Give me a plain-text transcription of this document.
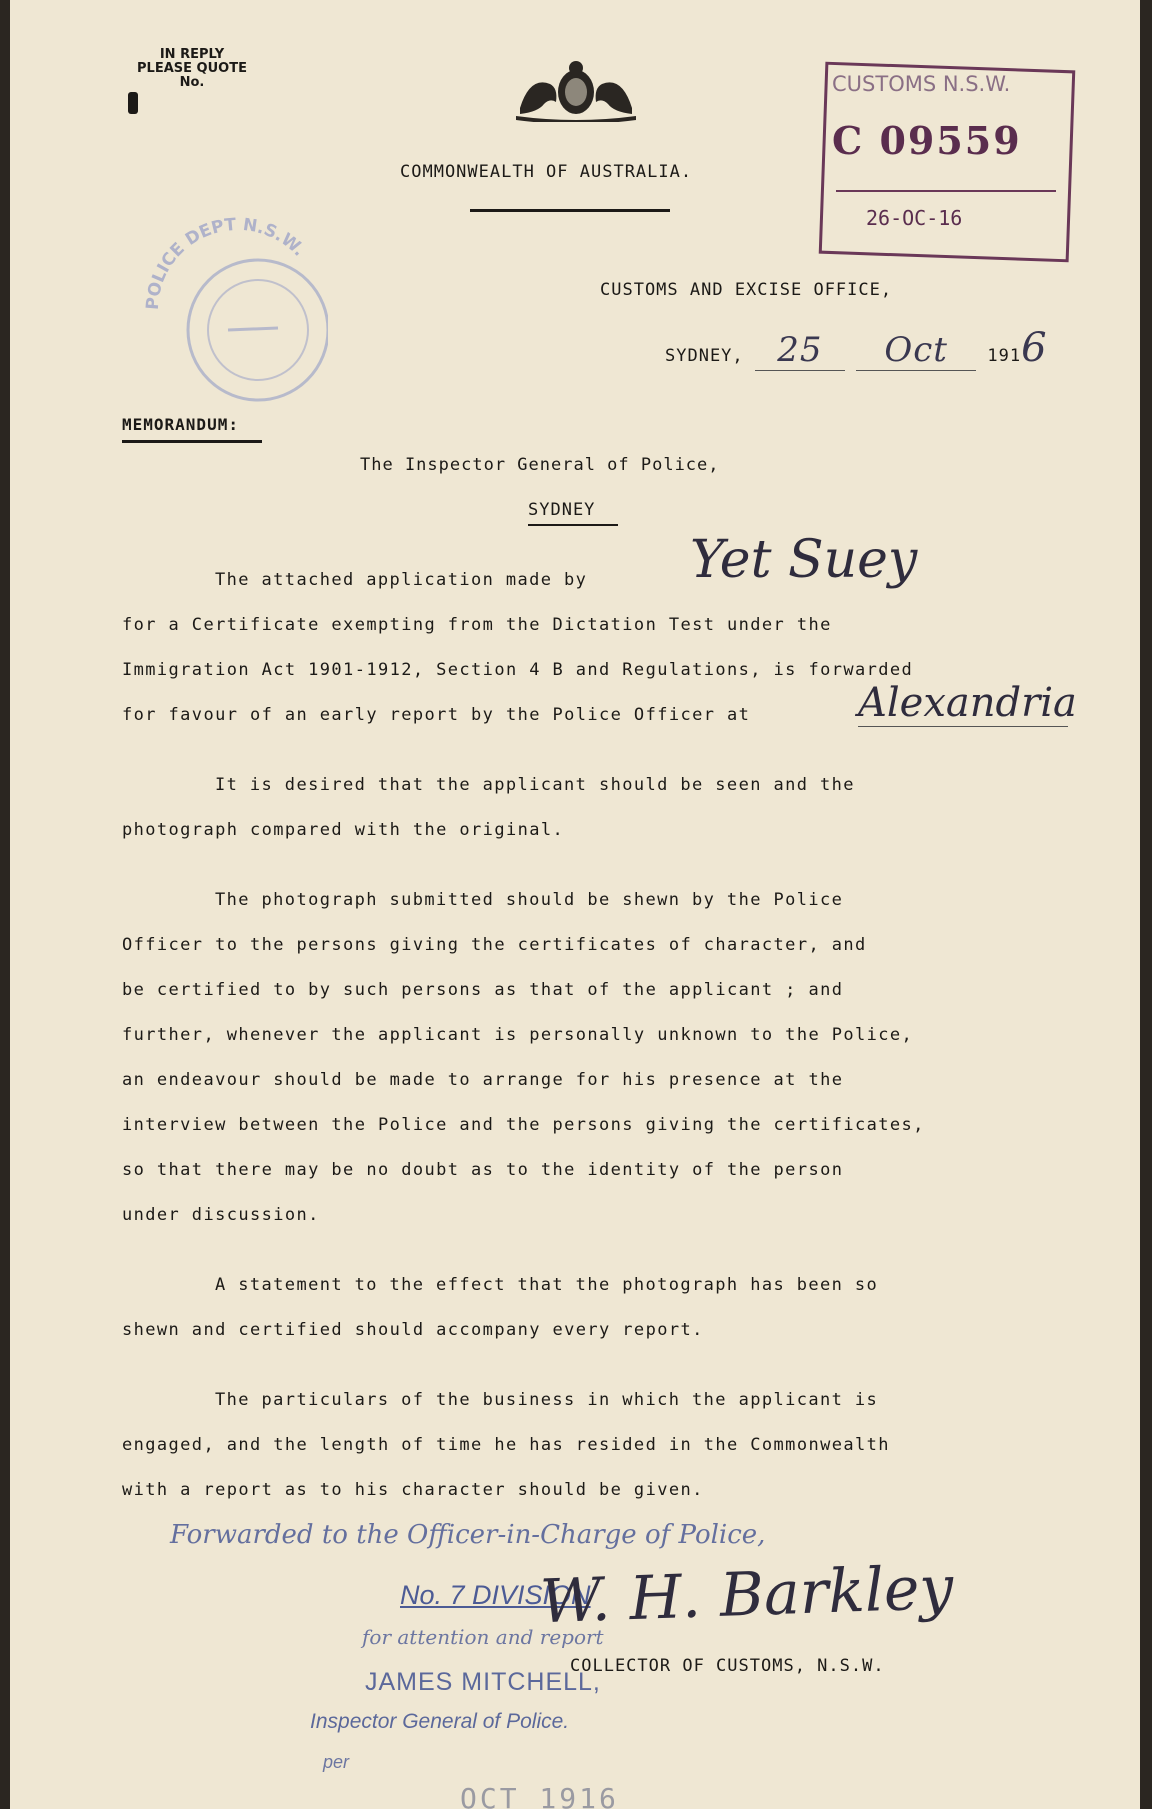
IN REPLY
PLEASE QUOTE
No.
COMMONWEALTH OF AUSTRALIA.
CUSTOMS N.S.W.
C 09559
26-OC-16
POLICE DEPT N.S.W.
CUSTOMS AND EXCISE OFFICE,
SYDNEY, 25 Oct 1916
MEMORANDUM:
The Inspector General of Police,
SYDNEY
The attached application made by Yet Suey
for a Certificate exempting from the Dictation Test under the
Immigration Act 1901-1912, Section 4 B and Regulations, is forwarded
for favour of an early report by the Police Officer at	Alexandria
It is desired that the applicant should be seen and the
photograph compared with the original.
The photograph submitted should be shewn by the Police
Officer to the persons giving the certificates of character, and
be certified to by such persons as that of the applicant ; and
further, whenever the applicant is personally unknown to the Police,
an endeavour should be made to arrange for his presence at the
interview between the Police and the persons giving the certificates,
so that there may be no doubt as to the identity of the person
under discussion.
A statement to the effect that the photograph has been so
shewn and certified should accompany every report.
The particulars of the business in which the applicant is
engaged, and the length of time he has resided in the Commonwealth
with a report as to his character should be given.
Forwarded to the Officer-in-Charge of Police,
No. 7 DIVISION
for attention and report
JAMES MITCHELL,
Inspector General of Police.
per
W. H. Barkley
COLLECTOR OF CUSTOMS, N.S.W.
OCT 1916
